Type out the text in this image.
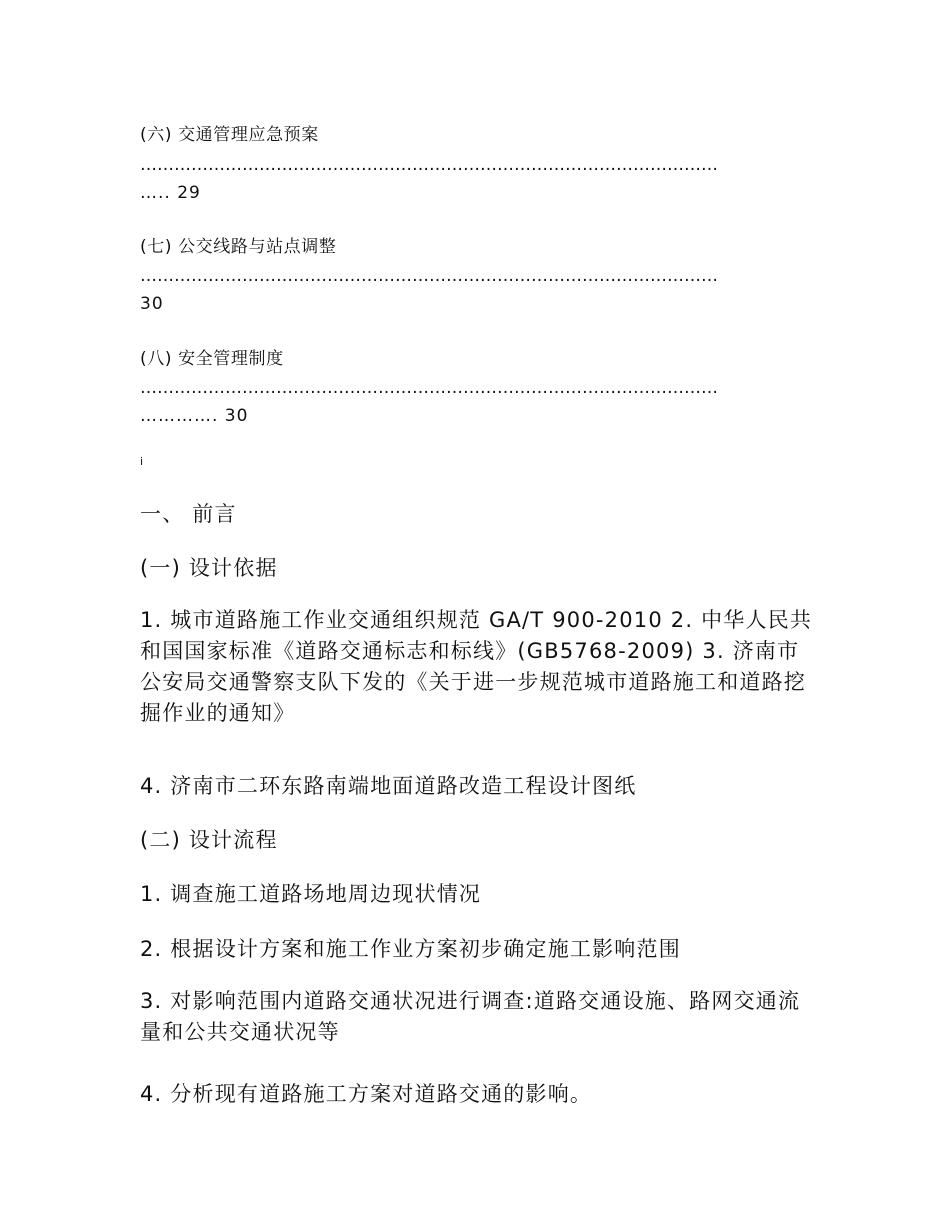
(六) 交通管理应急预案
…………………………………………………………………………………………
….. 29
(七) 公交线路与站点调整
…………………………………………………………………………………………
30
(八) 安全管理制度
…………………………………………………………………………………………
…………. 30
i
一、 前言
(一) 设计依据
1. 城市道路施工作业交通组织规范 GA/T 900-2010 2. 中华人民共和国国家标准《道路交通标志和标线》(GB5768-2009) 3. 济南市公安局交通警察支队下发的《关于进一步规范城市道路施工和道路挖掘作业的通知》
4. 济南市二环东路南端地面道路改造工程设计图纸
(二) 设计流程
1. 调查施工道路场地周边现状情况
2. 根据设计方案和施工作业方案初步确定施工影响范围
3. 对影响范围内道路交通状况进行调查:道路交通设施、路网交通流量和公共交通状况等
4. 分析现有道路施工方案对道路交通的影响。
